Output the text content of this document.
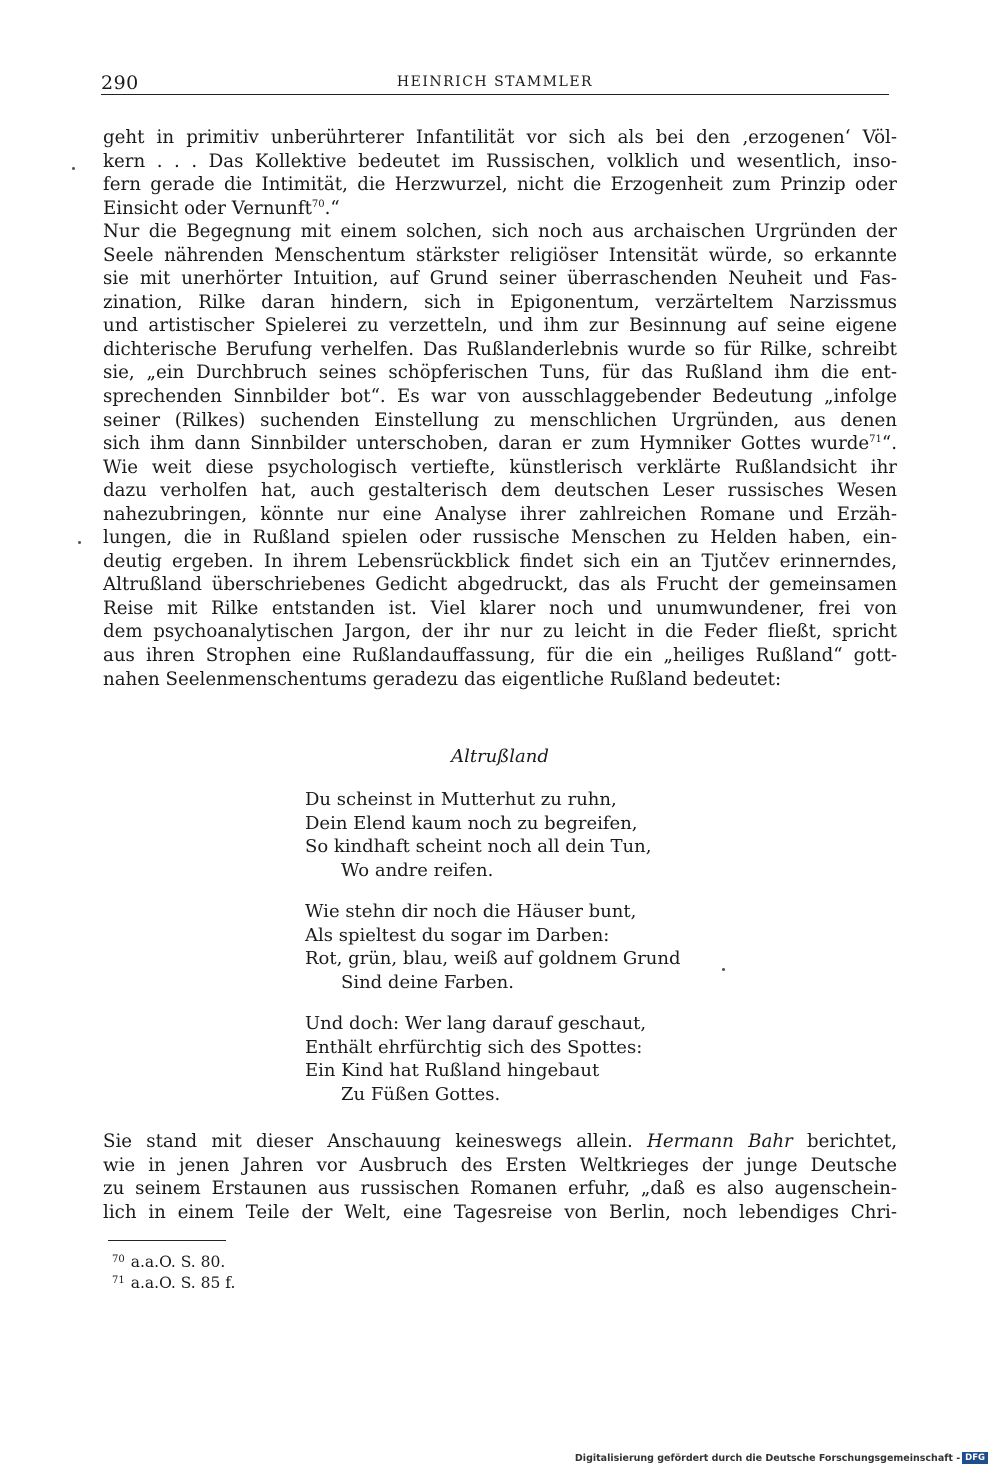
290	HEINRICH STAMMLER

geht in primitiv unberührterer Infantilität vor sich als bei den ‚erzogenen‘ Völ-

kern . . . Das Kollektive bedeutet im Russischen, volklich und wesentlich, inso-

fern gerade die Intimität, die Herzwurzel, nicht die Erzogenheit zum Prinzip oder

Einsicht oder Vernunft$^{70}$.“

Nur die Begegnung mit einem solchen, sich noch aus archaischen Urgründen der

Seele nährenden Menschentum stärkster religiöser Intensität würde, so erkannte

sie mit unerhörter Intuition, auf Grund seiner überraschenden Neuheit und Fas-

zination, Rilke daran hindern, sich in Epigonentum, verzärteltem Narzissmus

und artistischer Spielerei zu verzetteln, und ihm zur Besinnung auf seine eigene

dichterische Berufung verhelfen. Das Rußlanderlebnis wurde so für Rilke, schreibt

sie, „ein Durchbruch seines schöpferischen Tuns, für das Rußland ihm die ent-

sprechenden Sinnbilder bot“. Es war von ausschlaggebender Bedeutung „infolge

seiner (Rilkes) suchenden Einstellung zu menschlichen Urgründen, aus denen

sich ihm dann Sinnbilder unterschoben, daran er zum Hymniker Gottes wurde$^{71}$“.

Wie weit diese psychologisch vertiefte, künstlerisch verklärte Rußlandsicht ihr

dazu verholfen hat, auch gestalterisch dem deutschen Leser russisches Wesen

nahezubringen, könnte nur eine Analyse ihrer zahlreichen Romane und Erzäh-

lungen, die in Rußland spielen oder russische Menschen zu Helden haben, ein-

deutig ergeben. In ihrem Lebensrückblick findet sich ein an Tjutčev erinnerndes,

Altrußland überschriebenes Gedicht abgedruckt, das als Frucht der gemeinsamen

Reise mit Rilke entstanden ist. Viel klarer noch und unumwundener, frei von

dem psychoanalytischen Jargon, der ihr nur zu leicht in die Feder fließt, spricht

aus ihren Strophen eine Rußlandauffassung, für die ein „heiliges Rußland“ gott-

nahen Seelenmenschentums geradezu das eigentliche Rußland bedeutet:

Altrußland
Du scheinst in Mutterhut zu ruhn,
Dein Elend kaum noch zu begreifen,
So kindhaft scheint noch all dein Tun,
Wo andre reifen.
Wie stehn dir noch die Häuser bunt,
Als spieltest du sogar im Darben:
Rot, grün, blau, weiß auf goldnem Grund
Sind deine Farben.
Und doch: Wer lang darauf geschaut,
Enthält ehrfürchtig sich des Spottes:
Ein Kind hat Rußland hingebaut
Zu Füßen Gottes.

Sie stand mit dieser Anschauung keineswegs allein. Hermann Bahr berichtet,

wie in jenen Jahren vor Ausbruch des Ersten Weltkrieges der junge Deutsche

zu seinem Erstaunen aus russischen Romanen erfuhr, „daß es also augenschein-

lich in einem Teile der Welt, eine Tagesreise von Berlin, noch lebendiges Chri-

$^{70}$ a.a.O. S. 80.
$^{71}$ a.a.O. S. 85 f.
Digitalisierung gefördert durch die Deutsche Forschungsgemeinschaft - DFG
